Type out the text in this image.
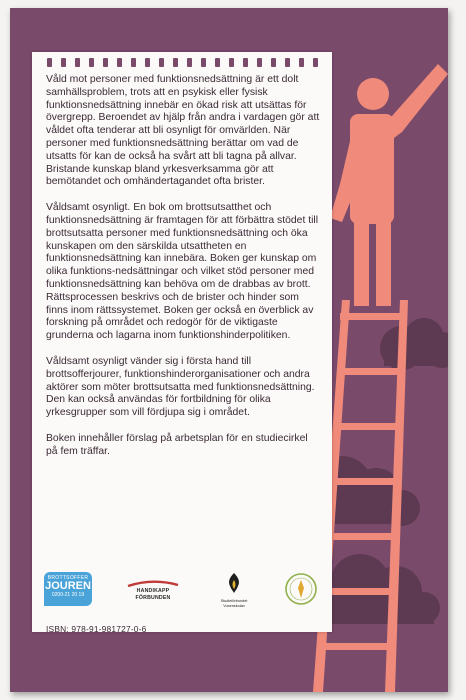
Våld mot personer med funktionsnedsättning är ett dolt samhällsproblem, trots att en psykisk eller fysisk funktionsnedsättning innebär en ökad risk att utsättas för övergrepp. Beroendet av hjälp från andra i vardagen gör att våldet ofta tenderar att bli osynligt för omvärlden. När personer med funktionsnedsättning berättar om vad de utsatts för kan de också ha svårt att bli tagna på allvar. Bristande kunskap bland yrkesverksamma gör att bemötandet och omhändertagandet ofta brister.

Våldsamt osynligt. En bok om brottsutsatthet och funktionsnedsättning är framtagen för att förbättra stödet till brottsutsatta personer med funktionsnedsättning och öka kunskapen om den särskilda utsattheten en funktionsnedsättning kan innebära. Boken ger kunskap om olika funktions-nedsättningar och vilket stöd personer med funktionsnedsättning kan behöva om de drabbas av brott. Rättsprocessen beskrivs och de brister och hinder som finns inom rättssystemet. Boken ger också en överblick av forskning på området och redogör för de viktigaste grunderna och lagarna inom funktionshinderpolitiken.

Våldsamt osynligt vänder sig i första hand till brottsofferjourer, funktionshinderorganisationer och andra aktörer som möter brottsutsatta med funktionsnedsättning. Den kan också användas för fortbildning för olika yrkesgrupper som vill fördjupa sig i området.

Boken innehåller förslag på arbetsplan för en studiecirkel på fem träffar.

BROTTSOFFER
JOUREN
0200-21 20 19
HANDIKAPP
FÖRBUNDEN	Studieförbundet
Vuxenskolan
ISBN: 978-91-981727-0-6
